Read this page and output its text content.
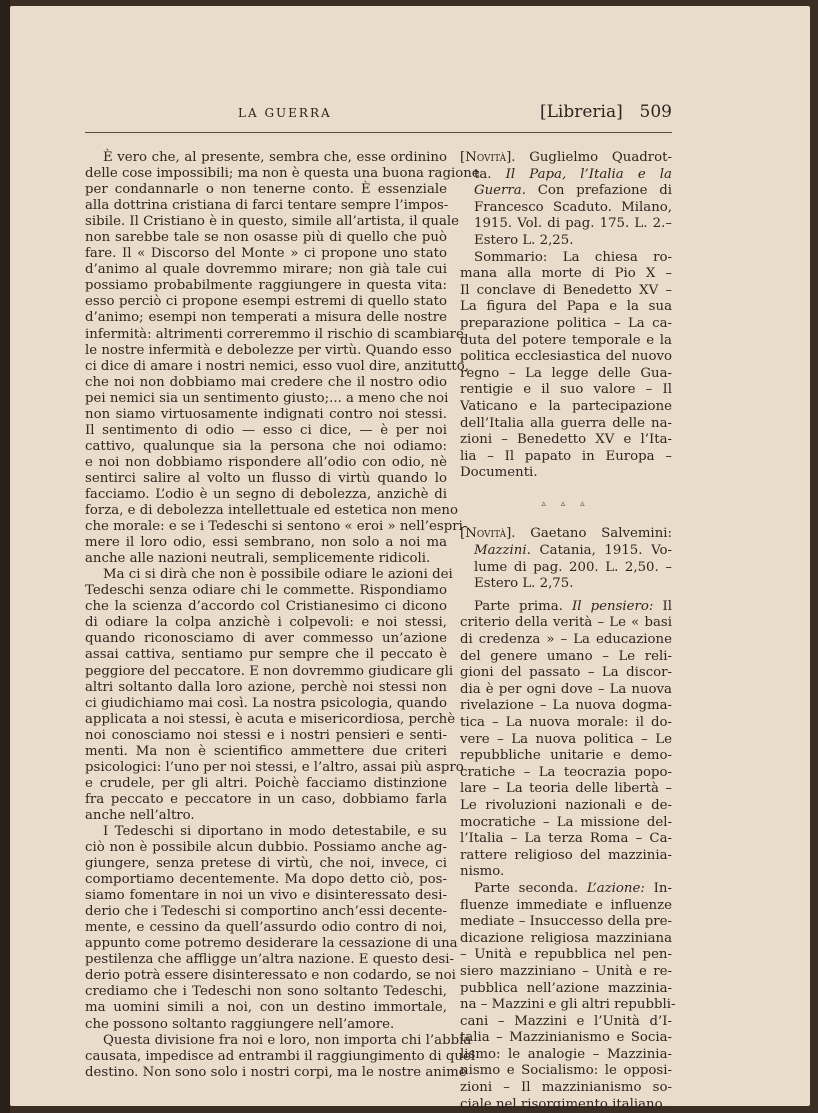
LA GUERRA	[Libreria] 509
È vero che, al presente, sembra che, esse ordinino
delle cose impossibili; ma non è questa una buona ragione
per condannarle o non tenerne conto. È essenziale
alla dottrina cristiana di farci tentare sempre l’impos-
sibile. Il Cristiano è in questo, simile all’artista, il quale
non sarebbe tale se non osasse più di quello che può
fare. Il « Discorso del Monte » ci propone uno stato
d’animo al quale dovremmo mirare; non già tale cui
possiamo probabilmente raggiungere in questa vita:
esso perciò ci propone esempi estremi di quello stato
d’animo; esempi non temperati a misura delle nostre
infermità: altrimenti correremmo il rischio di scambiare
le nostre infermità e debolezze per virtù. Quando esso
ci dice di amare i nostri nemici, esso vuol dire, anzitutto,
che noi non dobbiamo mai credere che il nostro odio
pei nemici sia un sentimento giusto;... a meno che noi
non siamo virtuosamente indignati contro noi stessi.
Il sentimento di odio — esso ci dice, — è per noi
cattivo, qualunque sia la persona che noi odiamo:
e noi non dobbiamo rispondere all’odio con odio, nè
sentirci salire al volto un flusso di virtù quando lo
facciamo. L’odio è un segno di debolezza, anzichè di
forza, e di debolezza intellettuale ed estetica non meno
che morale: e se i Tedeschi si sentono « eroi » nell’espri-
mere il loro odio, essi sembrano, non solo a noi ma
anche alle nazioni neutrali, semplicemente ridicoli.
Ma ci si dirà che non è possibile odiare le azioni dei
Tedeschi senza odiare chi le commette. Rispondiamo
che la scienza d’accordo col Cristianesimo ci dicono
di odiare la colpa anzichè i colpevoli: e noi stessi,
quando riconosciamo di aver commesso un’azione
assai cattiva, sentiamo pur sempre che il peccato è
peggiore del peccatore. E non dovremmo giudicare gli
altri soltanto dalla loro azione, perchè noi stessi non
ci giudichiamo mai così. La nostra psicologia, quando
applicata a noi stessi, è acuta e misericordiosa, perchè
noi conosciamo noi stessi e i nostri pensieri e senti-
menti. Ma non è scientifico ammettere due criteri
psicologici: l’uno per noi stessi, e l’altro, assai più aspro
e crudele, per gli altri. Poichè facciamo distinzione
fra peccato e peccatore in un caso, dobbiamo farla
anche nell’altro.
I Tedeschi si diportano in modo detestabile, e su
ciò non è possibile alcun dubbio. Possiamo anche ag-
giungere, senza pretese di virtù, che noi, invece, ci
comportiamo decentemente. Ma dopo detto ciò, pos-
siamo fomentare in noi un vivo e disinteressato desi-
derio che i Tedeschi si comportino anch’essi decente-
mente, e cessino da quell’assurdo odio contro di noi,
appunto come potremo desiderare la cessazione di una
pestilenza che affligge un’altra nazione. E questo desi-
derio potrà essere disinteressato e non codardo, se noi
crediamo che i Tedeschi non sono soltanto Tedeschi,
ma uomini simili a noi, con un destino immortale,
che possono soltanto raggiungere nell’amore.
Questa divisione fra noi e loro, non importa chi l’abbia
causata, impedisce ad entrambi il raggiungimento di quel
destino. Non sono solo i nostri corpi, ma le nostre anime
[Novità]. Guglielmo Quadrot-
ta. Il Papa, l’Italia e la
Guerra. Con prefazione di
Francesco Scaduto. Milano,
1915. Vol. di pag. 175. L. 2.–
Estero L. 2,25.
Sommario: La chiesa ro-
mana alla morte di Pio X –
Il conclave di Benedetto XV –
La figura del Papa e la sua
preparazione politica – La ca-
duta del potere temporale e la
politica ecclesiastica del nuovo
regno – La legge delle Gua-
rentigie e il suo valore – Il
Vaticano e la partecipazione
dell’Italia alla guerra delle na-
zioni – Benedetto XV e l’Ita-
lia – Il papato in Europa –
Documenti.
▵ ▵ ▵
[Novità]. Gaetano Salvemini:
Mazzini. Catania, 1915. Vo-
lume di pag. 200. L. 2,50. –
Estero L. 2,75.
Parte prima. Il pensiero: Il
criterio della verità – Le « basi
di credenza » – La educazione
del genere umano – Le reli-
gioni del passato – La discor-
dia è per ogni dove – La nuova
rivelazione – La nuova dogma-
tica – La nuova morale: il do-
vere – La nuova politica – Le
repubbliche unitarie e demo-
cratiche – La teocrazia popo-
lare – La teoria delle libertà –
Le rivoluzioni nazionali e de-
mocratiche – La missione del-
l’Italia – La terza Roma – Ca-
rattere religioso del mazzinia-
nismo.
Parte seconda. L’azione: In-
fluenze immediate e influenze
mediate – Insuccesso della pre-
dicazione religiosa mazziniana
– Unità e repubblica nel pen-
siero mazziniano – Unità e re-
pubblica nell’azione mazzinia-
na – Mazzini e gli altri repubbli-
cani – Mazzini e l’Unità d’I-
talia – Mazzinianismo e Socia-
lismo: le analogie – Mazzinia-
nismo e Socialismo: le opposi-
zioni – Il mazzinianismo so-
ciale nel risorgimento italiano.
